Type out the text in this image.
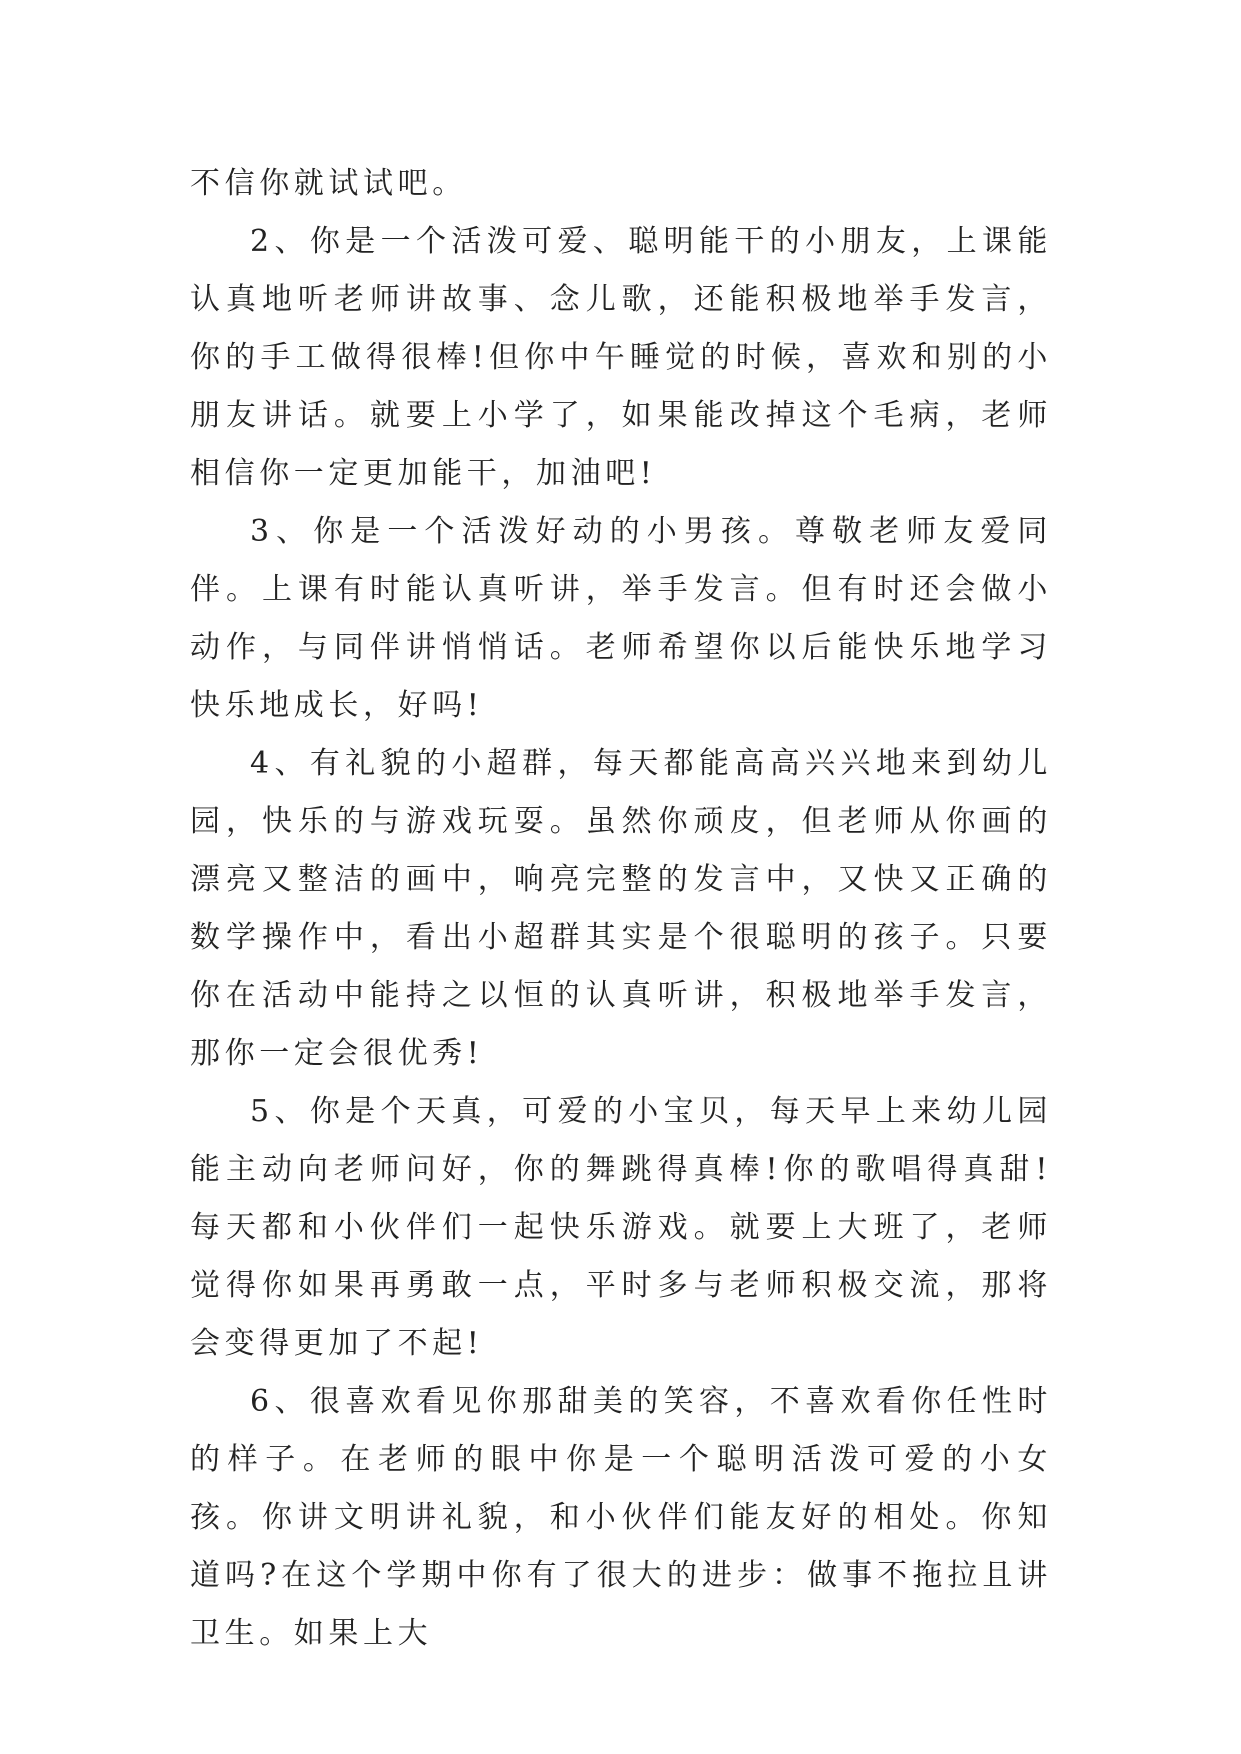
不信你就试试吧。

2、你是一个活泼可爱、聪明能干的小朋友，上课能认真地听老师讲故事、念儿歌，还能积极地举手发言，你的手工做得很棒!但你中午睡觉的时候，喜欢和别的小朋友讲话。就要上小学了，如果能改掉这个毛病，老师相信你一定更加能干，加油吧!

3、你是一个活泼好动的小男孩。尊敬老师友爱同伴。上课有时能认真听讲，举手发言。但有时还会做小动作，与同伴讲悄悄话。老师希望你以后能快乐地学习快乐地成长，好吗!

4、有礼貌的小超群，每天都能高高兴兴地来到幼儿园，快乐的与游戏玩耍。虽然你顽皮，但老师从你画的漂亮又整洁的画中，响亮完整的发言中，又快又正确的数学操作中，看出小超群其实是个很聪明的孩子。只要你在活动中能持之以恒的认真听讲，积极地举手发言，那你一定会很优秀!

5、你是个天真，可爱的小宝贝，每天早上来幼儿园能主动向老师问好，你的舞跳得真棒!你的歌唱得真甜!每天都和小伙伴们一起快乐游戏。就要上大班了，老师觉得你如果再勇敢一点，平时多与老师积极交流，那将会变得更加了不起!

6、很喜欢看见你那甜美的笑容，不喜欢看你任性时的样子。在老师的眼中你是一个聪明活泼可爱的小女孩。你讲文明讲礼貌，和小伙伴们能友好的相处。你知道吗?在这个学期中你有了很大的进步：做事不拖拉且讲卫生。如果上大
